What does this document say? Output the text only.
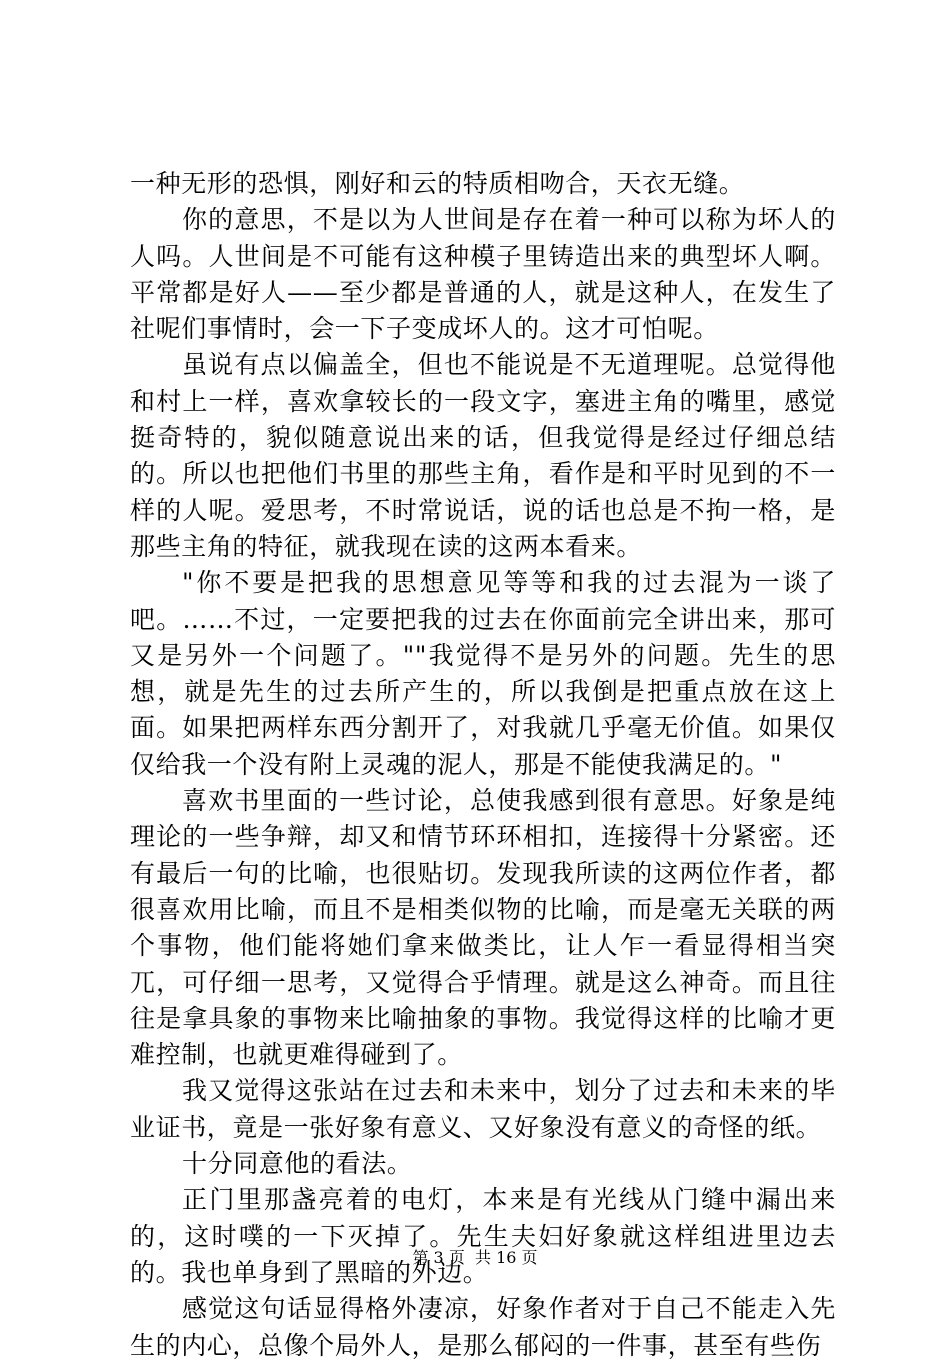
一种无形的恐惧，刚好和云的特质相吻合，天衣无缝。

你的意思，不是以为人世间是存在着一种可以称为坏人的人吗。人世间是不可能有这种模子里铸造出来的典型坏人啊。平常都是好人——至少都是普通的人，就是这种人，在发生了社呢们事情时，会一下子变成坏人的。这才可怕呢。

虽说有点以偏盖全，但也不能说是不无道理呢。总觉得他和村上一样，喜欢拿较长的一段文字，塞进主角的嘴里，感觉挺奇特的，貌似随意说出来的话，但我觉得是经过仔细总结的。所以也把他们书里的那些主角，看作是和平时见到的不一样的人呢。爱思考，不时常说话，说的话也总是不拘一格，是那些主角的特征，就我现在读的这两本看来。

"你不要是把我的思想意见等等和我的过去混为一谈了吧。……不过，一定要把我的过去在你面前完全讲出来，那可又是另外一个问题了。""我觉得不是另外的问题。先生的思想，就是先生的过去所产生的，所以我倒是把重点放在这上面。如果把两样东西分割开了，对我就几乎毫无价值。如果仅仅给我一个没有附上灵魂的泥人，那是不能使我满足的。"

喜欢书里面的一些讨论，总使我感到很有意思。好象是纯理论的一些争辩，却又和情节环环相扣，连接得十分紧密。还有最后一句的比喻，也很贴切。发现我所读的这两位作者，都很喜欢用比喻，而且不是相类似物的比喻，而是毫无关联的两个事物，他们能将她们拿来做类比，让人乍一看显得相当突兀，可仔细一思考，又觉得合乎情理。就是这么神奇。而且往往是拿具象的事物来比喻抽象的事物。我觉得这样的比喻才更难控制，也就更难得碰到了。

我又觉得这张站在过去和未来中，划分了过去和未来的毕业证书，竟是一张好象有意义、又好象没有意义的奇怪的纸。

十分同意他的看法。

正门里那盏亮着的电灯，本来是有光线从门缝中漏出来的，这时噗的一下灭掉了。先生夫妇好象就这样组进里边去的。我也单身到了黑暗的外边。

感觉这句话显得格外凄凉，好象作者对于自己不能走入先生的内心，总像个局外人，是那么郁闷的一件事，甚至有些伤

第 3 页  共 16 页
